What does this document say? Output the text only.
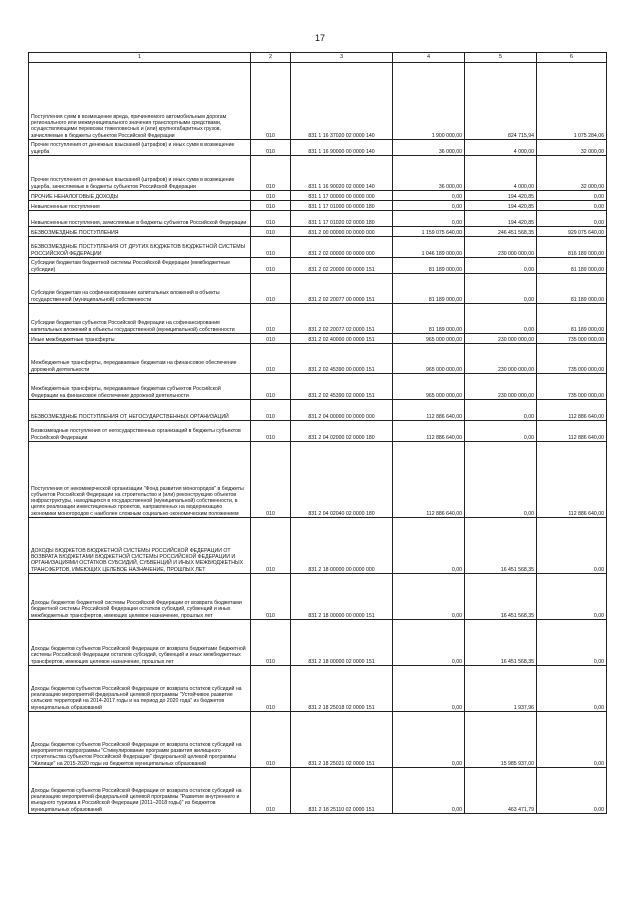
17
1	2	3	4	5	6
Поступления сумм в возмещение вреда, причиняемого автомобильным дорогам регионального или межмуниципального значения транспортными средствами, осуществляющими перевозки тяжеловесных и (или) крупногабаритных грузов, зачисляемые в бюджеты субъектов Российской Федерации	010	831 1 16 37020 02 0000 140	1 900 000,00	824 715,94	1 075 284,06
Прочие поступления от денежных взысканий (штрафов) и иных сумм в возмещение ущерба	010	831 1 16 90000 00 0000 140	36 000,00	4 000,00	32 000,00
Прочие поступления от денежных взысканий (штрафов) и иных сумм в возмещение ущерба, зачисляемые в бюджеты субъектов Российской Федерации	010	831 1 16 90020 02 0000 140	36 000,00	4 000,00	32 000,00
ПРОЧИЕ НЕНАЛОГОВЫЕ ДОХОДЫ	010	831 1 17 00000 00 0000 000	0,00	194 420,85	0,00
Невыясненные поступления	010	831 1 17 01000 00 0000 180	0,00	194 420,85	0,00
Невыясненные поступления, зачисляемые в бюджеты субъектов Российской Федерации	010	831 1 17 01020 02 0000 180	0,00	194 420,85	0,00
БЕЗВОЗМЕЗДНЫЕ ПОСТУПЛЕНИЯ	010	831 2 00 00000 00 0000 000	1 159 075 640,00	246 451 568,35	929 075 640,00
БЕЗВОЗМЕЗДНЫЕ ПОСТУПЛЕНИЯ ОТ ДРУГИХ БЮДЖЕТОВ БЮДЖЕТНОЙ СИСТЕМЫ РОССИЙСКОЙ ФЕДЕРАЦИИ	010	831 2 02 00000 00 0000 000	1 046 189 000,00	230 000 000,00	816 189 000,00
Субсидии бюджетам бюджетной системы Российской Федерации (межбюджетные субсидии)	010	831 2 02 20000 00 0000 151	81 189 000,00	0,00	81 189 000,00
Субсидии бюджетам на софинансирование капитальных вложений в объекты государственной (муниципальной) собственности	010	831 2 02 20077 00 0000 151	81 189 000,00	0,00	81 189 000,00
Субсидии бюджетам субъектов Российской Федерации на софинансирование капитальных вложений в объекты государственной (муниципальной) собственности	010	831 2 02 20077 02 0000 151	81 189 000,00	0,00	81 189 000,00
Иные межбюджетные трансферты	010	831 2 02 40000 00 0000 151	965 000 000,00	230 000 000,00	735 000 000,00
Межбюджетные трансферты, передаваемые бюджетам на финансовое обеспечение дорожной деятельности	010	831 2 02 45390 00 0000 151	965 000 000,00	230 000 000,00	735 000 000,00
Межбюджетные трансферты, передаваемые бюджетам субъектов Российской Федерации на финансовое обеспечение дорожной деятельности	010	831 2 02 45390 02 0000 151	965 000 000,00	230 000 000,00	735 000 000,00
БЕЗВОЗМЕЗДНЫЕ ПОСТУПЛЕНИЯ ОТ НЕГОСУДАРСТВЕННЫХ ОРГАНИЗАЦИЙ	010	831 2 04 00000 00 0000 000	112 886 640,00	0,00	112 886 640,00
Безвозмездные поступления от негосударственных организаций в бюджеты субъектов Российской Федерации	010	831 2 04 02000 02 0000 180	112 886 640,00	0,00	112 886 640,00
Поступления от некоммерческой организации "Фонд развития моногородов" в бюджеты субъектов Российской Федерации на строительство и (или) реконструкцию объектов инфраструктуры, находящихся в государственной (муниципальной) собственности, в целях реализации инвестиционных проектов, направленных на модернизацию экономики моногородов с наиболее сложным социально-экономическим положением	010	831 2 04 02040 02 0000 180	112 886 640,00	0,00	112 886 640,00
ДОХОДЫ БЮДЖЕТОВ БЮДЖЕТНОЙ СИСТЕМЫ РОССИЙСКОЙ ФЕДЕРАЦИИ ОТ ВОЗВРАТА БЮДЖЕТАМИ БЮДЖЕТНОЙ СИСТЕМЫ РОССИЙСКОЙ ФЕДЕРАЦИИ И ОРГАНИЗАЦИЯМИ ОСТАТКОВ СУБСИДИЙ, СУБВЕНЦИЙ И ИНЫХ МЕЖБЮДЖЕТНЫХ ТРАНСФЕРТОВ, ИМЕЮЩИХ ЦЕЛЕВОЕ НАЗНАЧЕНИЕ, ПРОШЛЫХ ЛЕТ	010	831 2 18 00000 00 0000 000	0,00	16 451 568,35	0,00
Доходы бюджетов бюджетной системы Российской Федерации от возврата бюджетами бюджетной системы Российской Федерации остатков субсидий, субвенций и иных межбюджетных трансфертов, имеющих целевое назначение, прошлых лет	010	831 2 18 00000 00 0000 151	0,00	16 451 568,35	0,00
Доходы бюджетов субъектов Российской Федерации от возврата бюджетами бюджетной системы Российской Федерации остатков субсидий, субвенций и иных межбюджетных трансфертов, имеющих целевое назначение, прошлых лет	010	831 2 18 00000 02 0000 151	0,00	16 451 568,35	0,00
Доходы бюджетов субъектов Российской Федерации от возврата остатков субсидий на реализацию мероприятий федеральной целевой программы "Устойчивое развитие сельских территорий на 2014-2017 годы и на период до 2020 года" из бюджетов муниципальных образований	010	831 2 18 25018 02 0000 151	0,00	1 937,96	0,00
Доходы бюджетов субъектов Российской Федерации от возврата остатков субсидий на мероприятия подпрограммы "Стимулирование программ развития жилищного строительства субъектов Российской Федерации" федеральной целевой программы "Жилище" на 2015-2020 годы из бюджетов муниципальных образований	010	831 2 18 25021 02 0000 151	0,00	15 985 937,00	0,00
Доходы бюджетов субъектов Российской Федерации от возврата остатков субсидий на реализацию мероприятий федеральной целевой программы "Развитие внутреннего и въездного туризма в Российской Федерации (2011–2018 годы)" из бюджетов муниципальных образований	010	831 2 18 25110 02 0000 151	0,00	463 471,79	0,00
